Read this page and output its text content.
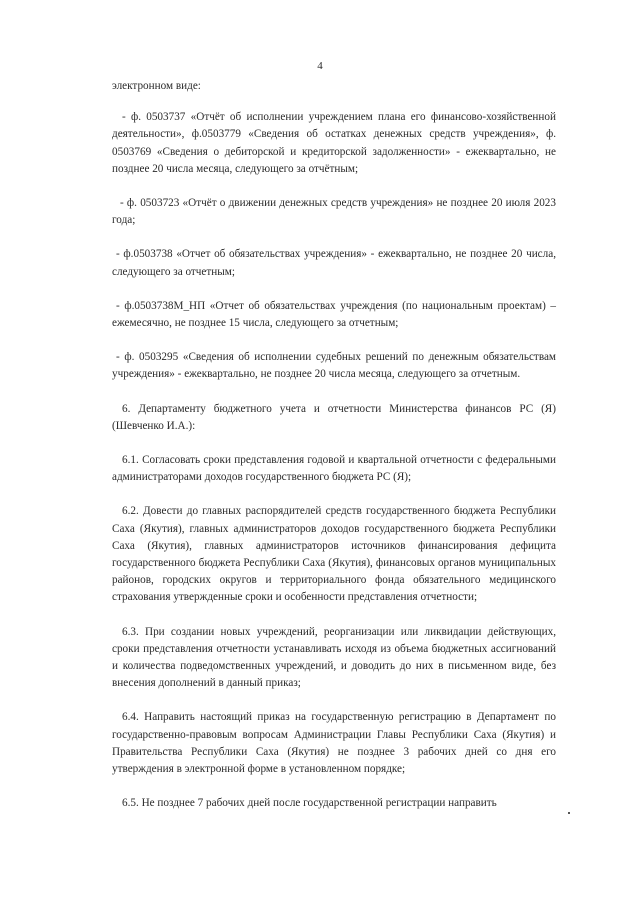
4

электронном виде:

- ф. 0503737 «Отчёт об исполнении учреждением плана его финансово-хозяйственной деятельности», ф.0503779 «Сведения об остатках денежных средств учреждения», ф. 0503769 «Сведения о дебиторской и кредиторской задолженности» - ежеквартально, не позднее 20 числа месяца, следующего за отчётным;

- ф. 0503723 «Отчёт о движении денежных средств учреждения» не позднее 20 июля 2023 года;

- ф.0503738 «Отчет об обязательствах учреждения» - ежеквартально, не позднее 20 числа, следующего за отчетным;

- ф.0503738M_НП «Отчет об обязательствах учреждения (по национальным проектам) – ежемесячно, не позднее 15 числа, следующего за отчетным;

- ф. 0503295 «Сведения об исполнении судебных решений по денежным обязательствам учреждения» - ежеквартально, не позднее 20 числа месяца, следующего за отчетным.

6. Департаменту бюджетного учета и отчетности Министерства финансов РС (Я) (Шевченко И.А.):

6.1. Согласовать сроки представления годовой и квартальной отчетности с федеральными администраторами доходов государственного бюджета РС (Я);

6.2. Довести до главных распорядителей средств государственного бюджета Республики Саха (Якутия), главных администраторов доходов государственного бюджета Республики Саха (Якутия), главных администраторов источников финансирования дефицита государственного бюджета Республики Саха (Якутия), финансовых органов муниципальных районов, городских округов и территориального фонда обязательного медицинского страхования утвержденные сроки и особенности представления отчетности;

6.3. При создании новых учреждений, реорганизации или ликвидации действующих, сроки представления отчетности устанавливать исходя из объема бюджетных ассигнований и количества подведомственных учреждений, и доводить до них в письменном виде, без внесения дополнений в данный приказ;

6.4. Направить настоящий приказ на государственную регистрацию в Департамент по государственно-правовым вопросам Администрации Главы Республики Саха (Якутия) и Правительства Республики Саха (Якутия) не позднее 3 рабочих дней со дня его утверждения в электронной форме в установленном порядке;

6.5. Не позднее 7 рабочих дней после государственной регистрации направить
